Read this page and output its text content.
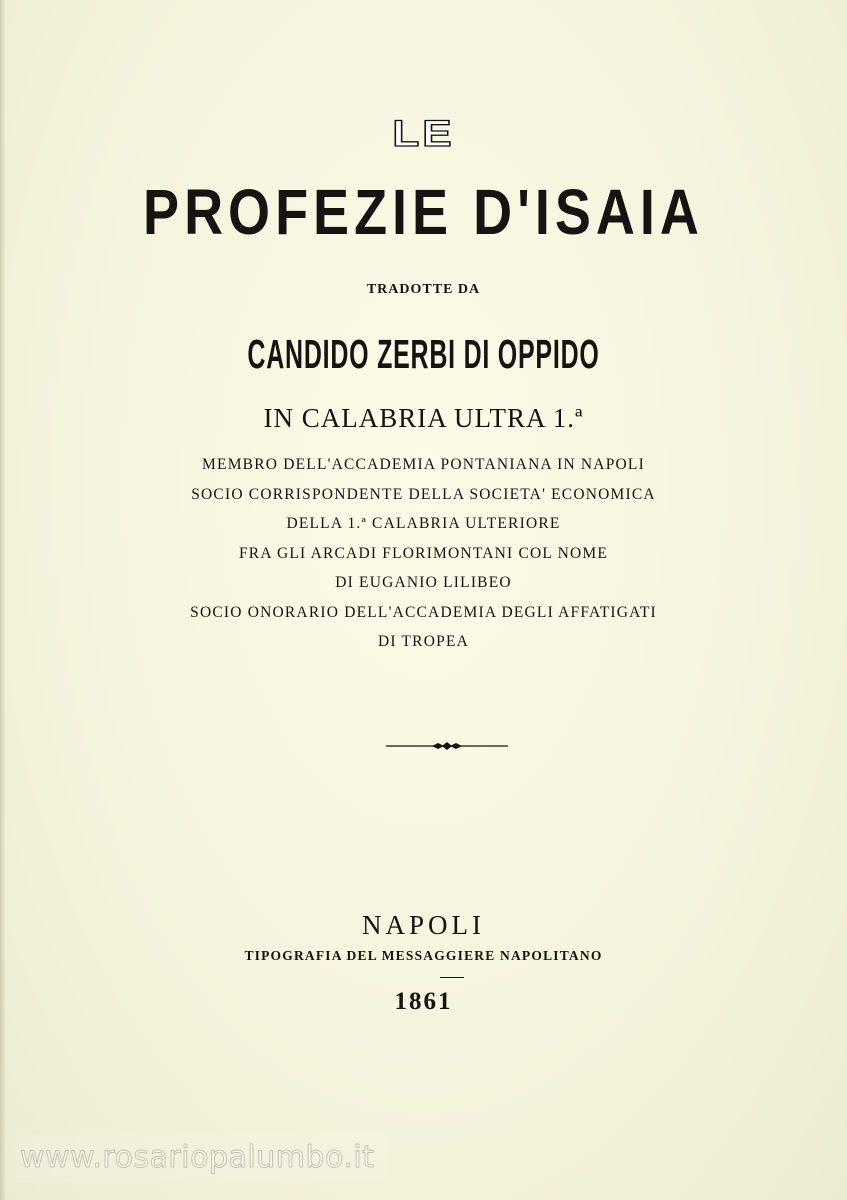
LE
PROFEZIE D'ISAIA

TRADOTTE DA

CANDIDO ZERBI DI OPPIDO

IN CALABRIA ULTRA 1.ª

MEMBRO DELL'ACCADEMIA PONTANIANA IN NAPOLI
SOCIO CORRISPONDENTE DELLA SOCIETA' ECONOMICA
DELLA 1.ª CALABRIA ULTERIORE
FRA GLI ARCADI FLORIMONTANI COL NOME
DI EUGANIO LILIBEO
SOCIO ONORARIO DELL'ACCADEMIA DEGLI AFFATIGATI
DI TROPEA

NAPOLI

TIPOGRAFIA DEL MESSAGGIERE NAPOLITANO

1861

www.rosariopalumbo.it
